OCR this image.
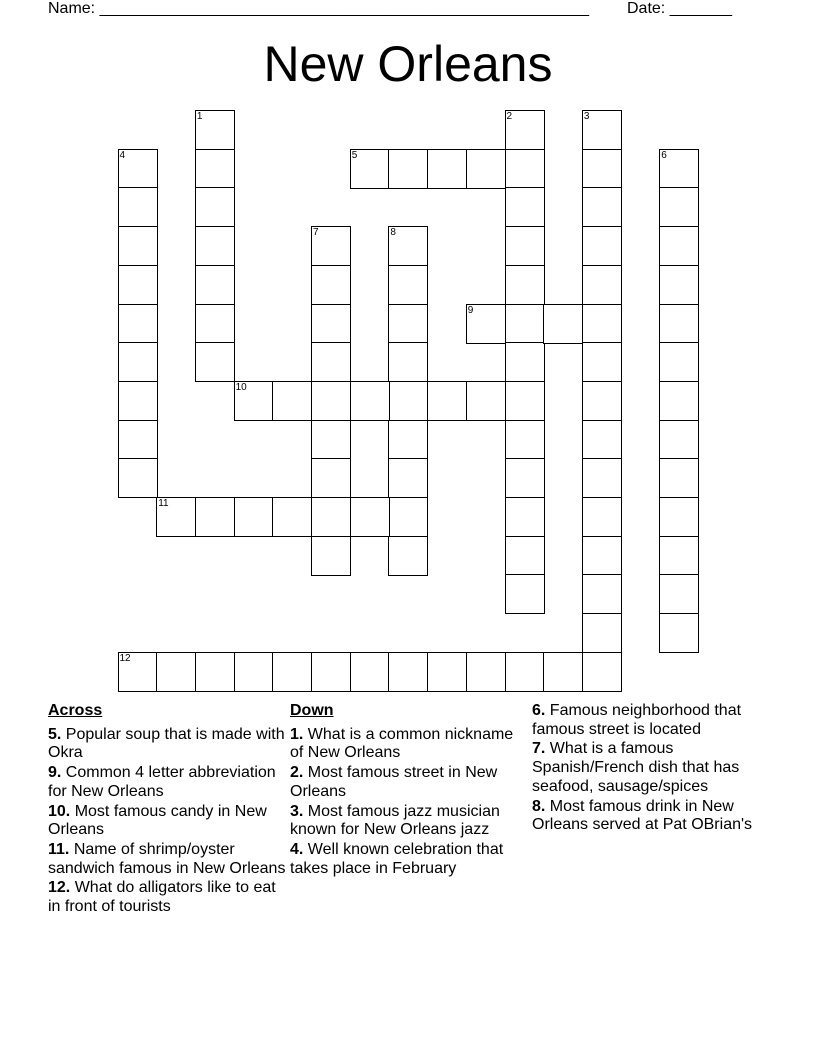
Name: _______________________________________________________ Date: _______
New Orleans
1	2	3
4	5	6
7	8
9
10
11
12
Across
5. Popular soup that is made with Okra
9. Common 4 letter abbreviation for New Orleans
10. Most famous candy in New Orleans
11. Name of shrimp/oyster sandwich famous in New Orleans
12. What do alligators like to eat in front of tourists
Down
1. What is a common nickname of New Orleans
2. Most famous street in New Orleans
3. Most famous jazz musician known for New Orleans jazz
4. Well known celebration that takes place in February
6. Famous neighborhood that famous street is located
7. What is a famous Spanish/French dish that has seafood, sausage/spices
8. Most famous drink in New Orleans served at Pat OBrian's
